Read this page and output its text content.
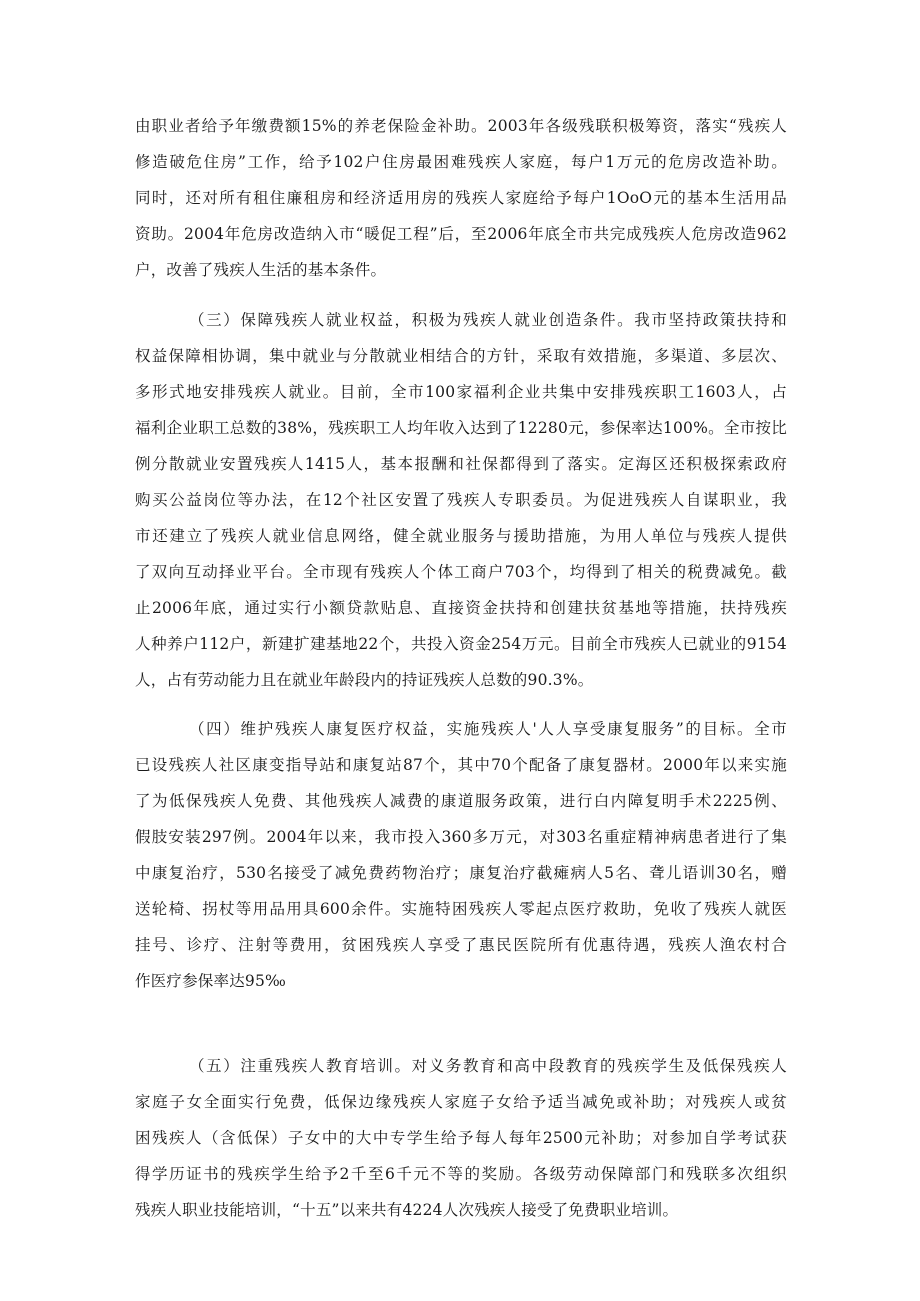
由职业者给予年缴费额15%的养老保险金补助。2003年各级残联积极筹资，落实“残疾人
修造破危住房”工作，给予102户住房最困难残疾人家庭，每户1万元的危房改造补助。
同时，还对所有租住廉租房和经济适用房的残疾人家庭给予每户1OoO元的基本生活用品
资助。2004年危房改造纳入市“暖促工程”后，至2006年底全市共完成残疾人危房改造962
户，改善了残疾人生活的基本条件。
（三）保障残疾人就业权益，积极为残疾人就业创造条件。我市坚持政策扶持和
权益保障相协调，集中就业与分散就业相结合的方针，采取有效措施，多渠道、多层次、
多形式地安排残疾人就业。目前，全市100家福利企业共集中安排残疾职工1603人，占
福利企业职工总数的38%，残疾职工人均年收入达到了12280元，参保率达100%。全市按比
例分散就业安置残疾人1415人，基本报酬和社保都得到了落实。定海区还积极探索政府
购买公益岗位等办法，在12个社区安置了残疾人专职委员。为促进残疾人自谋职业，我
市还建立了残疾人就业信息网络，健全就业服务与援助措施，为用人单位与残疾人提供
了双向互动择业平台。全市现有残疾人个体工商户703个，均得到了相关的税费减免。截
止2006年底，通过实行小额贷款贴息、直接资金扶持和创建扶贫基地等措施，扶持残疾
人种养户112户，新建扩建基地22个，共投入资金254万元。目前全市残疾人已就业的9154
人，占有劳动能力且在就业年龄段内的持证残疾人总数的90.3%。
（四）维护残疾人康复医疗权益，实施残疾人'人人享受康复服务”的目标。全市
已设残疾人社区康变指导站和康复站87个，其中70个配备了康复器材。2000年以来实施
了为低保残疾人免费、其他残疾人减费的康道服务政策，进行白内障复明手术2225例、
假肢安装297例。2004年以来，我市投入360多万元，对303名重症精神病患者进行了集
中康复治疗，530名接受了减免费药物治疗；康复治疗截瘫病人5名、聋儿语训30名，赠
送轮椅、拐杖等用品用具600余件。实施特困残疾人零起点医疗救助，免收了残疾人就医
挂号、诊疗、注射等费用，贫困残疾人享受了惠民医院所有优惠待遇，残疾人渔农村合
作医疗参保率达95‰
（五）注重残疾人教育培训。对义务教育和高中段教育的残疾学生及低保残疾人
家庭子女全面实行免费，低保边缘残疾人家庭子女给予适当减免或补助；对残疾人或贫
困残疾人（含低保）子女中的大中专学生给予每人每年2500元补助；对参加自学考试获
得学历证书的残疾学生给予2千至6千元不等的奖励。各级劳动保障部门和残联多次组织
残疾人职业技能培训，“十五”以来共有4224人次残疾人接受了免费职业培训。
